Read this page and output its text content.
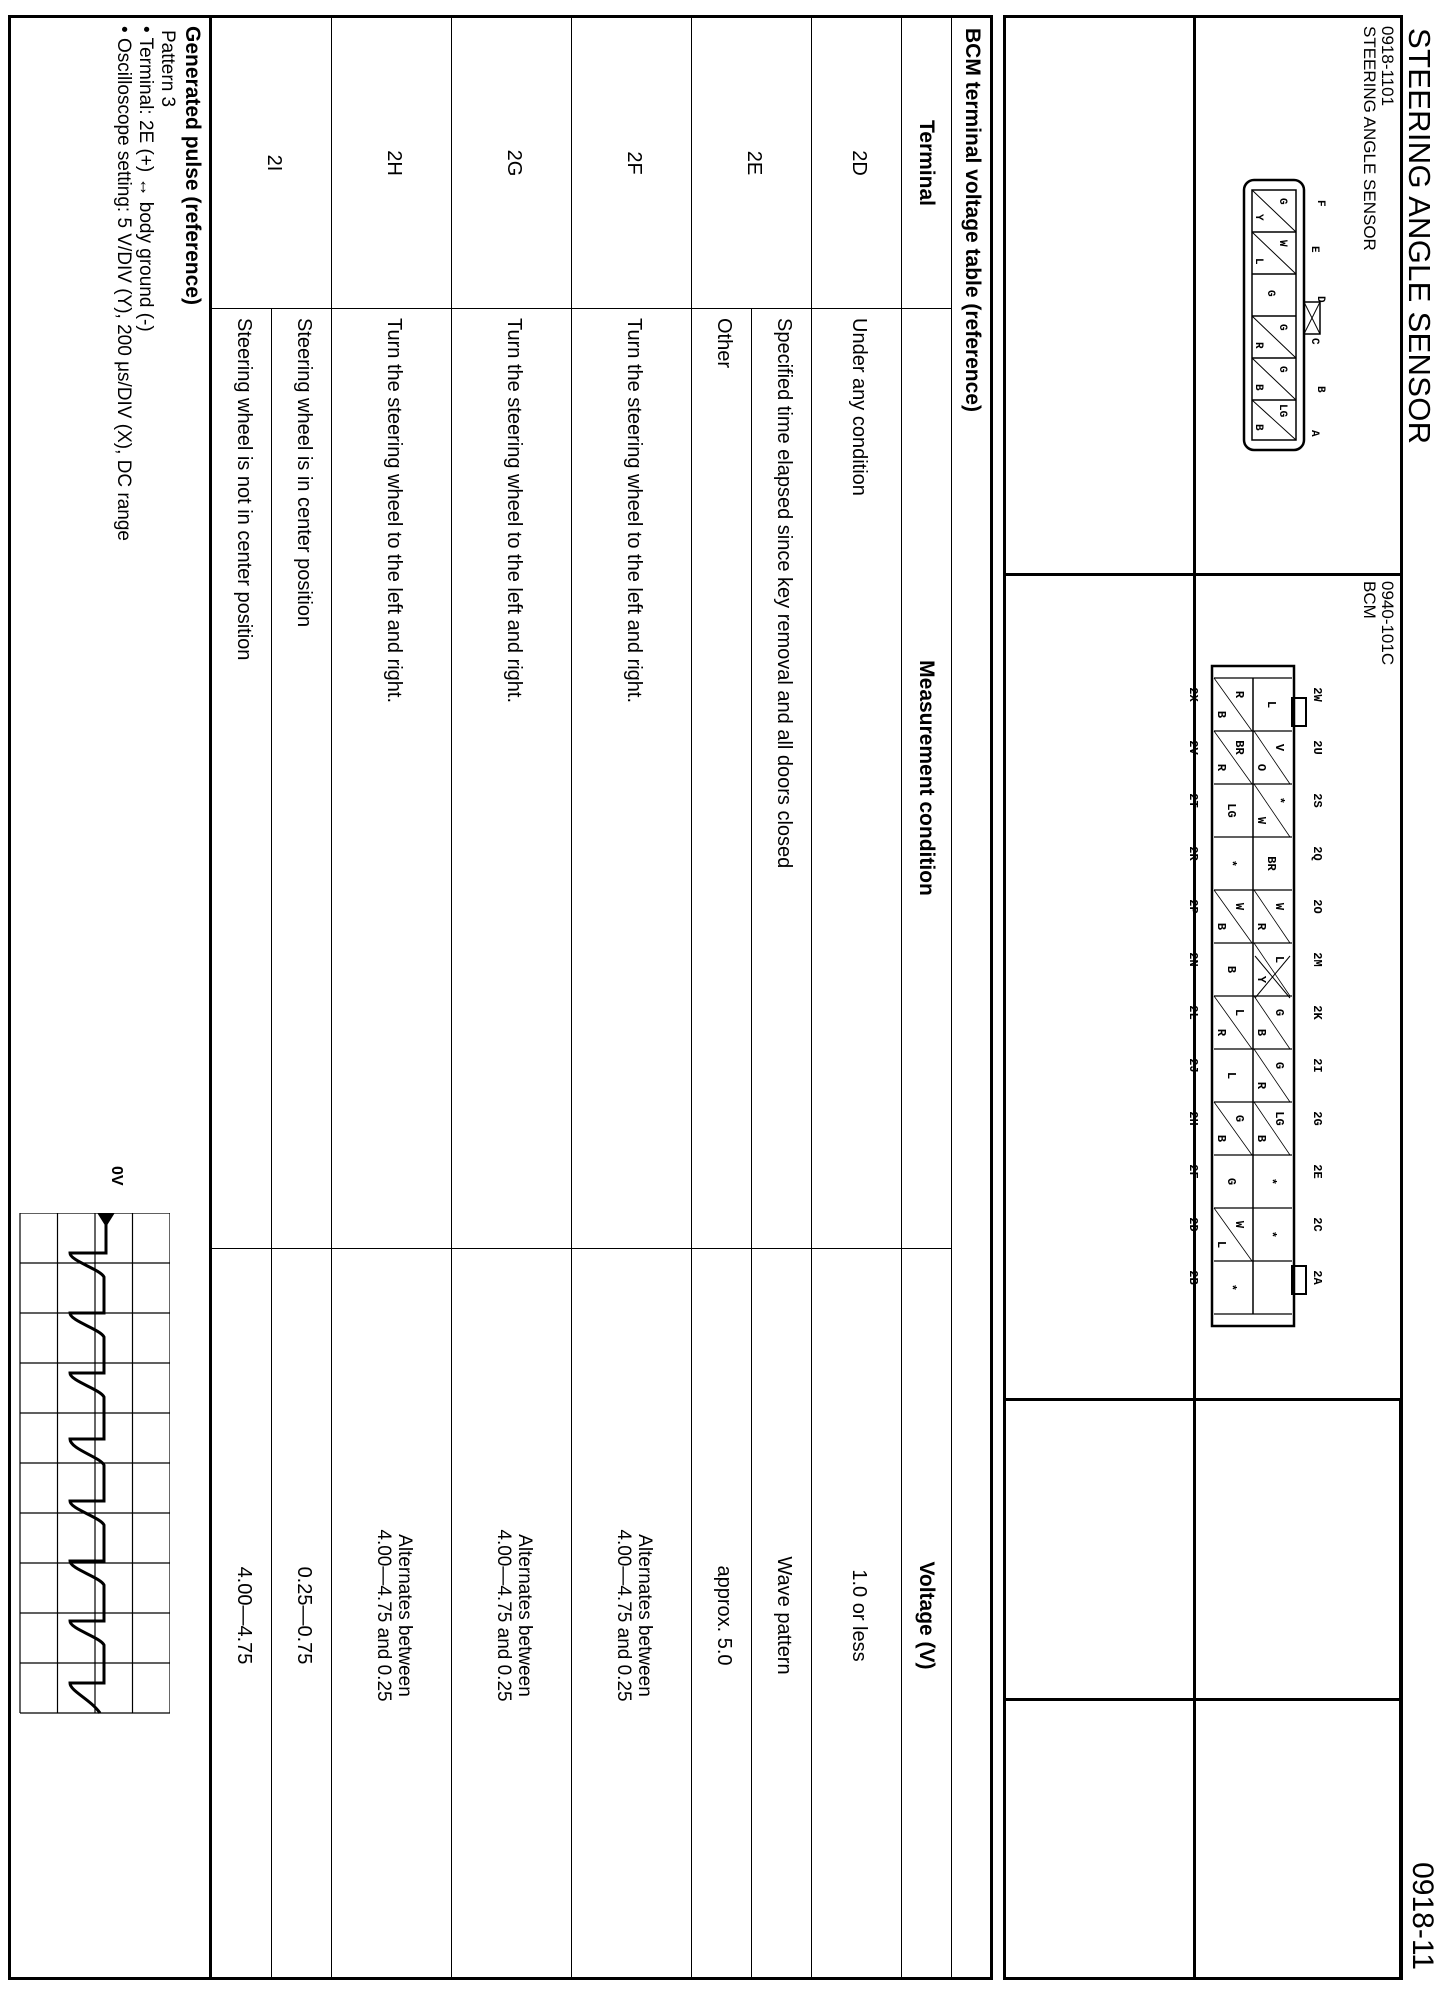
STEERING ANGLE SENSOR
0918-11
0918-1101
STEERING ANGLE SENSOR
F
E
D
C
B
A
G
Y
W
L
G
G
R
G
B
LG
B
0940-101C
BCM
2W
2U
2S
2Q
2O
2M
2K
2I
2G
2E
2C
2A
2X
2V
2T
2R
2P
2N
2L
2J
2H
2F
2D
2B
L
R
B
V
O
BR
R
*
W
LG
BR
*
W
R
W
B
L
Y
B
G
B
L
R
G
R
L
LG
B
G
B
*
G
*
W
L
*
BCM terminal voltage table (reference)
Terminal
Measurement condition
Voltage (V)
2D
Under any condition
1.0 or less
2E
Specified time elapsed since key removal and all doors closed
Wave pattern
Other
approx. 5.0
2F
Turn the steering wheel to the left and right.
Alternates between
4.00—4.75 and 0.25
2G
Turn the steering wheel to the left and right.
Alternates between
4.00—4.75 and 0.25
2H
Turn the steering wheel to the left and right.
Alternates between
4.00—4.75 and 0.25
2I
Steering wheel is in center position
0.25—0.75
Steering wheel is not in center position
4.00—4.75
Generated pulse (reference)
Pattern 3
• Terminal: 2E (+) ↔ body ground (-)
• Oscilloscope setting: 5 V/DIV (Y), 200 μs/DIV (X), DC range
0V
